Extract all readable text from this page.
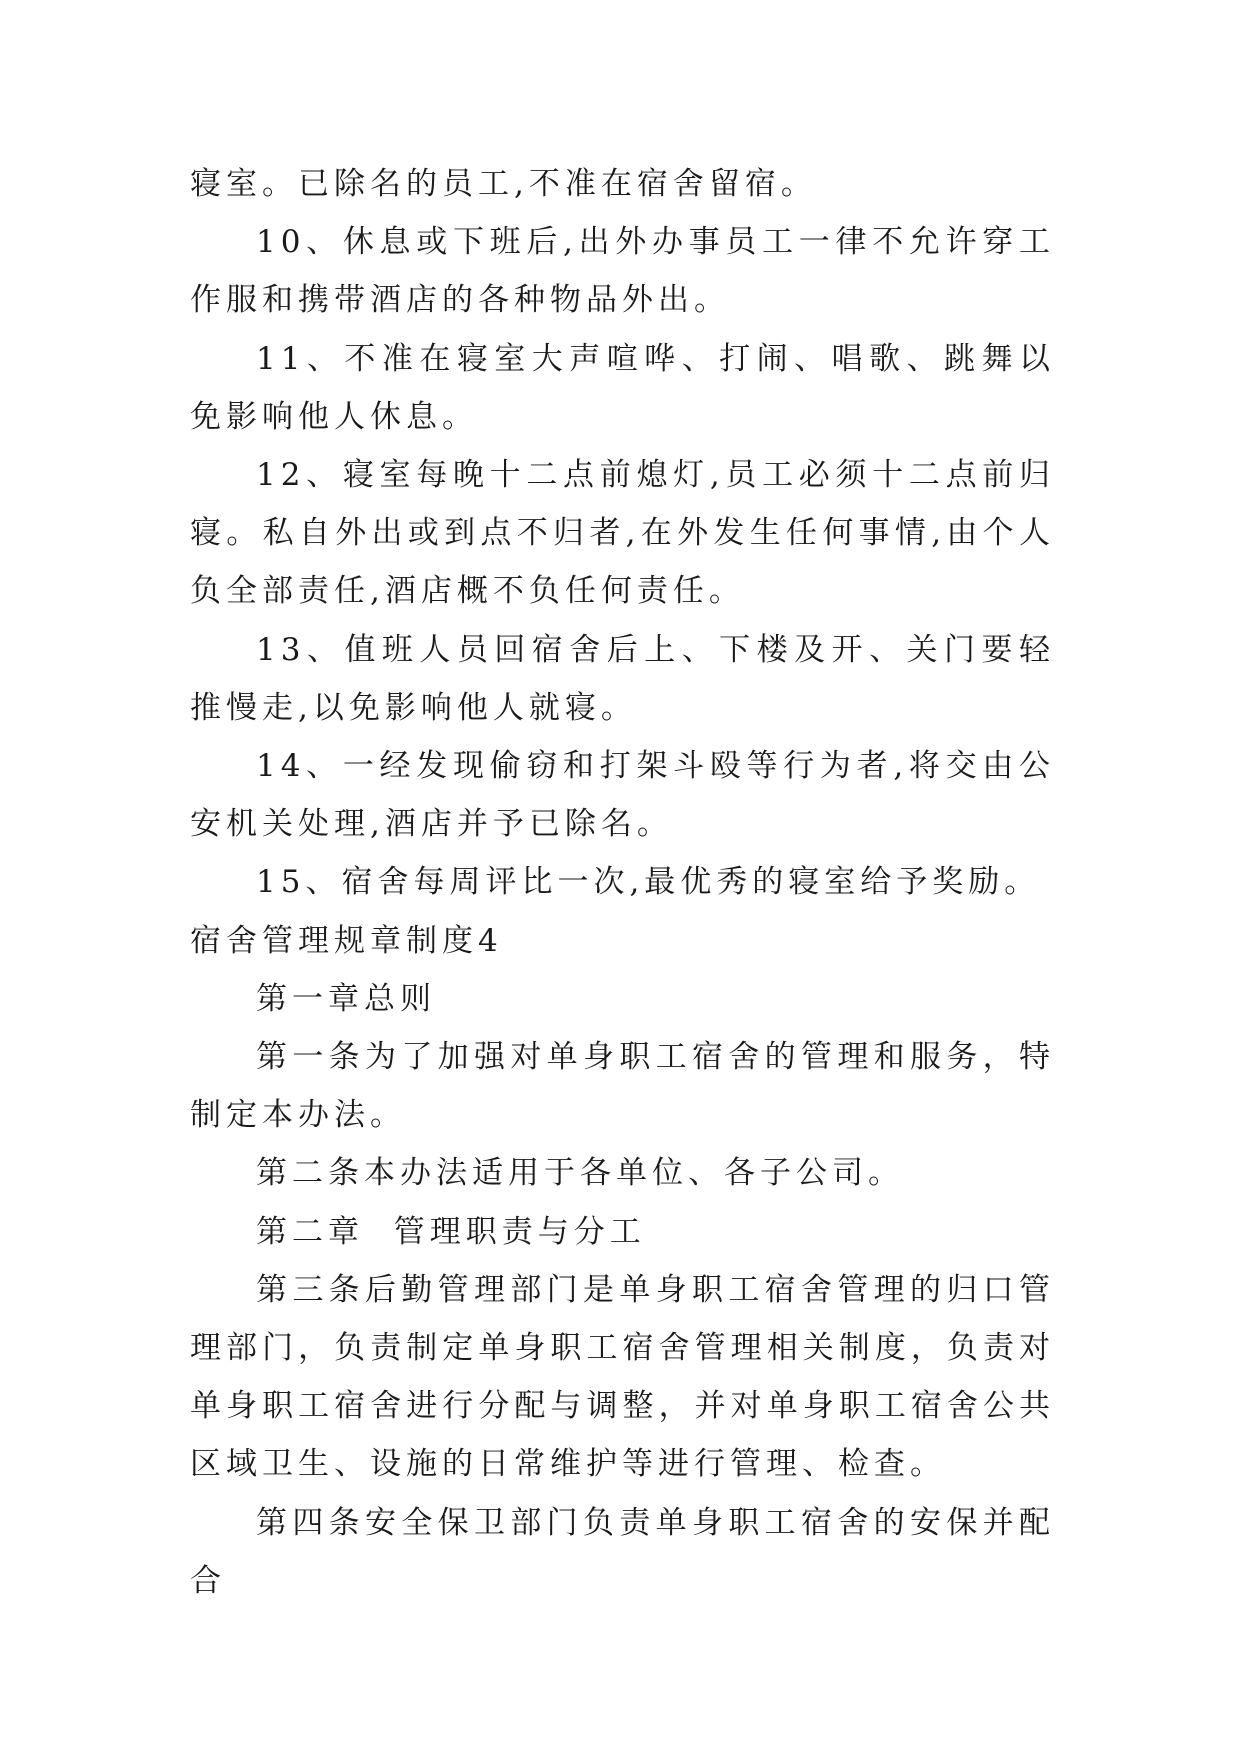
寝室。已除名的员工,不准在宿舍留宿。

10、休息或下班后,出外办事员工一律不允许穿工作服和携带酒店的各种物品外出。

11、不准在寝室大声喧哗、打闹、唱歌、跳舞以免影响他人休息。

12、寝室每晚十二点前熄灯,员工必须十二点前归寝。私自外出或到点不归者,在外发生任何事情,由个人负全部责任,酒店概不负任何责任。

13、值班人员回宿舍后上、下楼及开、关门要轻推慢走,以免影响他人就寝。

14、一经发现偷窃和打架斗殴等行为者,将交由公安机关处理,酒店并予已除名。

15、宿舍每周评比一次,最优秀的寝室给予奖励。

宿舍管理规章制度4

第一章总则

第一条为了加强对单身职工宿舍的管理和服务，特制定本办法。

第二条本办法适用于各单位、各子公司。

第二章  管理职责与分工

第三条后勤管理部门是单身职工宿舍管理的归口管理部门，负责制定单身职工宿舍管理相关制度，负责对单身职工宿舍进行分配与调整，并对单身职工宿舍公共区域卫生、设施的日常维护等进行管理、检查。

第四条安全保卫部门负责单身职工宿舍的安保并配合
